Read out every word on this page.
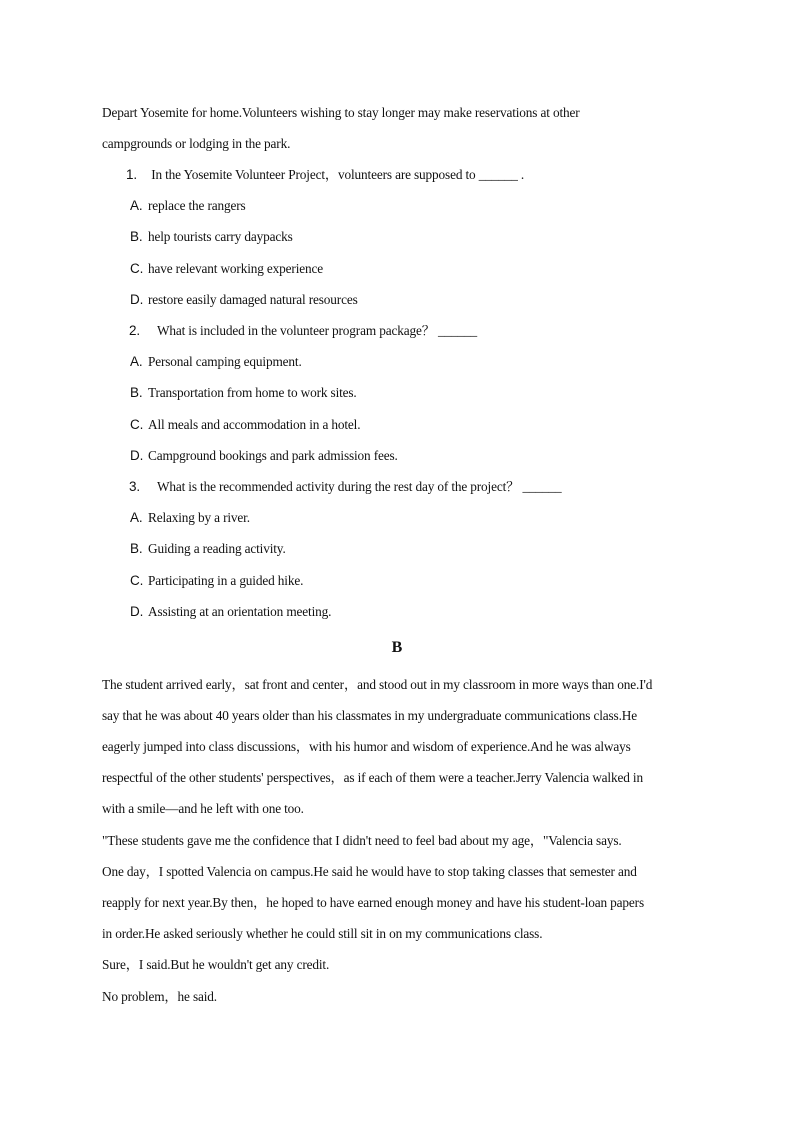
Depart Yosemite for home.Volunteers wishing to stay longer may make reservations at other
campgrounds or lodging in the park.
1. In the Yosemite Volunteer Project，volunteers are supposed to ______ .
A. replace the rangers
B. help tourists carry daypacks
C. have relevant working experience
D. restore easily damaged natural resources
2. What is included in the volunteer program package？ ______
A. Personal camping equipment.
B. Transportation from home to work sites.
C. All meals and accommodation in a hotel.
D. Campground bookings and park admission fees.
3. What is the recommended activity during the rest day of the project？ ______
A. Relaxing by a river.
B. Guiding a reading activity.
C. Participating in a guided hike.
D. Assisting at an orientation meeting.
B
The student arrived early，sat front and center，and stood out in my classroom in more ways than one.I'd
say that he was about 40 years older than his classmates in my undergraduate communications class.He
eagerly jumped into class discussions，with his humor and wisdom of experience.And he was always
respectful of the other students' perspectives，as if each of them were a teacher.Jerry Valencia walked in
with a smile—and he left with one too.
"These students gave me the confidence that I didn't need to feel bad about my age，"Valencia says.
One day，I spotted Valencia on campus.He said he would have to stop taking classes that semester and
reapply for next year.By then，he hoped to have earned enough money and have his student-loan papers
in order.He asked seriously whether he could still sit in on my communications class.
Sure，I said.But he wouldn't get any credit.
No problem，he said.
